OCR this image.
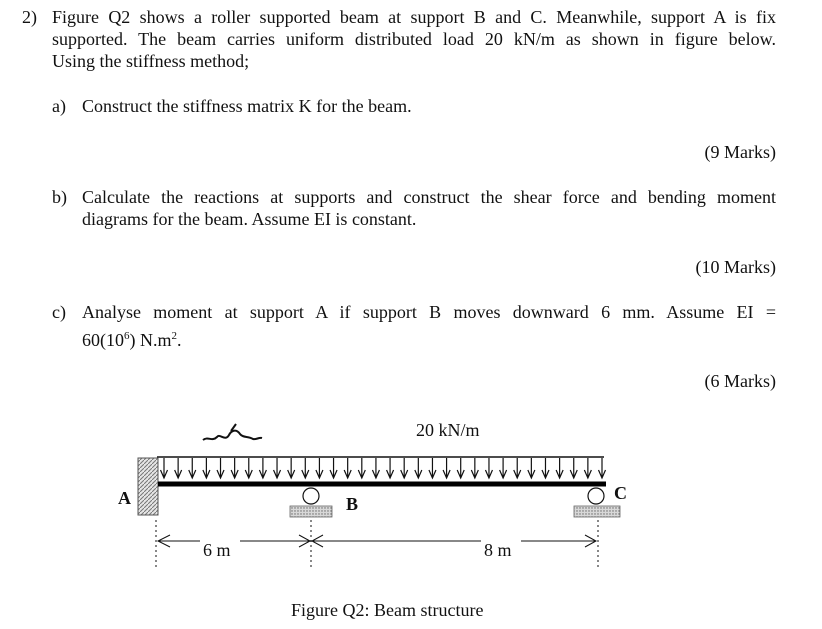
2) Figure Q2 shows a roller supported beam at support B and C. Meanwhile, support A is fix
supported. The beam carries uniform distributed load 20 kN/m as shown in figure below.
Using the stiffness method;
a) Construct the stiffness matrix K for the beam.
(9 Marks)
b) Calculate the reactions at supports and construct the shear force and bending moment
diagrams for the beam. Assume EI is constant.
(10 Marks)
c) Analyse moment at support A if support B moves downward 6 mm. Assume EI =
$60(10^6)$ $N.m^2$.
(6 Marks)
A	B
C
20 kN/m
6 m	8 m
Figure Q2: Beam structure
